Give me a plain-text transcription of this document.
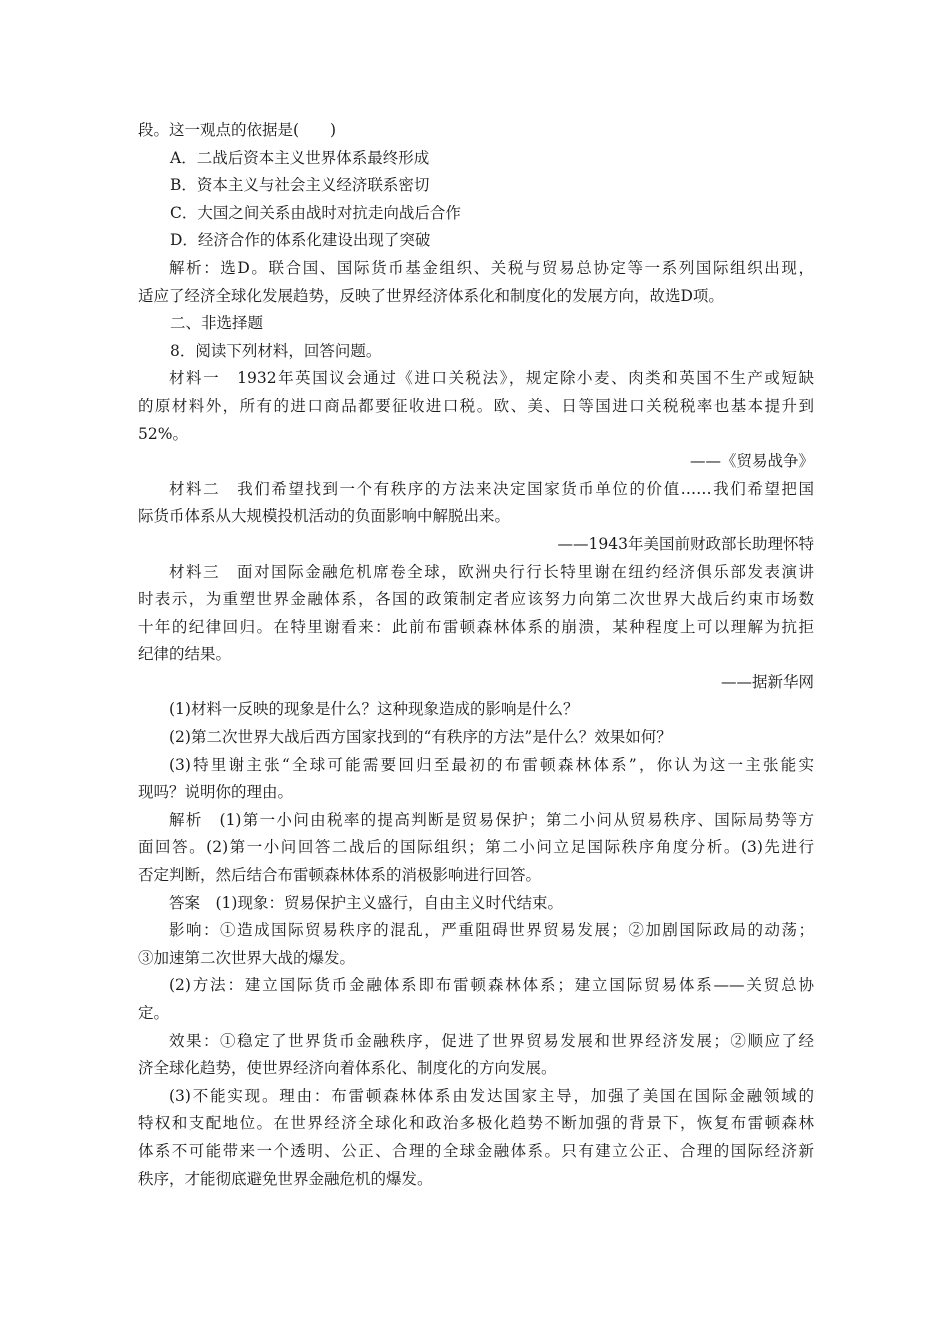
段。这一观点的依据是(　　)
A．二战后资本主义世界体系最终形成
B．资本主义与社会主义经济联系密切
C．大国之间关系由战时对抗走向战后合作
D．经济合作的体系化建设出现了突破
解析：选D。联合国、国际货币基金组织、关税与贸易总协定等一系列国际组织出现，
适应了经济全球化发展趋势，反映了世界经济体系化和制度化的发展方向，故选D项。
二、非选择题
8．阅读下列材料，回答问题。
材料一　1932年英国议会通过《进口关税法》，规定除小麦、肉类和英国不生产或短缺
的原材料外，所有的进口商品都要征收进口税。欧、美、日等国进口关税税率也基本提升到
52%。
——《贸易战争》
材料二　我们希望找到一个有秩序的方法来决定国家货币单位的价值……我们希望把国
际货币体系从大规模投机活动的负面影响中解脱出来。
——1943年美国前财政部长助理怀特
材料三　面对国际金融危机席卷全球，欧洲央行行长特里谢在纽约经济俱乐部发表演讲
时表示，为重塑世界金融体系，各国的政策制定者应该努力向第二次世界大战后约束市场数
十年的纪律回归。在特里谢看来：此前布雷顿森林体系的崩溃，某种程度上可以理解为抗拒
纪律的结果。
——据新华网
(1)材料一反映的现象是什么？这种现象造成的影响是什么？
(2)第二次世界大战后西方国家找到的“有秩序的方法”是什么？效果如何？
(3)特里谢主张“全球可能需要回归至最初的布雷顿森林体系”，你认为这一主张能实
现吗？说明你的理由。
解析　(1)第一小问由税率的提高判断是贸易保护；第二小问从贸易秩序、国际局势等方
面回答。(2)第一小问回答二战后的国际组织；第二小问立足国际秩序角度分析。(3)先进行
否定判断，然后结合布雷顿森林体系的消极影响进行回答。
答案　(1)现象：贸易保护主义盛行，自由主义时代结束。
影响：①造成国际贸易秩序的混乱，严重阻碍世界贸易发展；②加剧国际政局的动荡；
③加速第二次世界大战的爆发。
(2)方法：建立国际货币金融体系即布雷顿森林体系；建立国际贸易体系——关贸总协
定。
效果：①稳定了世界货币金融秩序，促进了世界贸易发展和世界经济发展；②顺应了经
济全球化趋势，使世界经济向着体系化、制度化的方向发展。
(3)不能实现。理由：布雷顿森林体系由发达国家主导，加强了美国在国际金融领域的
特权和支配地位。在世界经济全球化和政治多极化趋势不断加强的背景下，恢复布雷顿森林
体系不可能带来一个透明、公正、合理的全球金融体系。只有建立公正、合理的国际经济新
秩序，才能彻底避免世界金融危机的爆发。
